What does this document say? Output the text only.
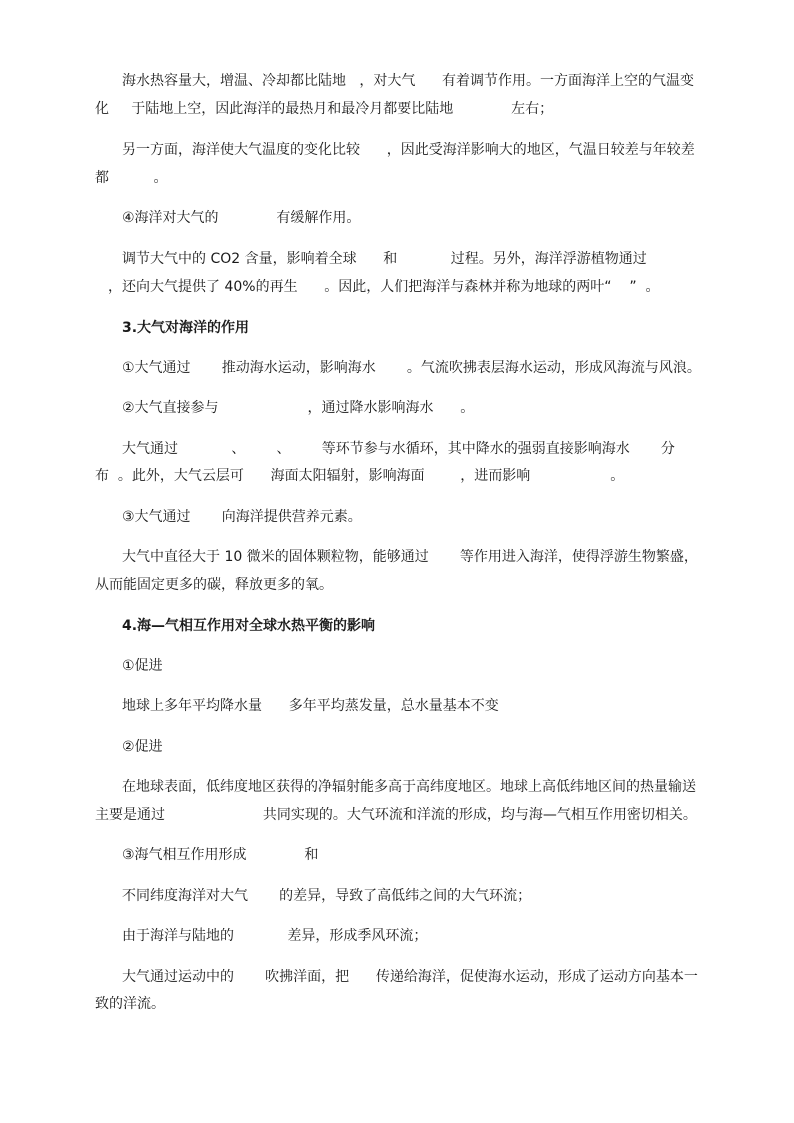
海水热容量大，增温、冷却都比陆地   ，对大气      有着调节作用。一方面海洋上空的气温变

化     于陆地上空，因此海洋的最热月和最冷月都要比陆地             左右；

另一方面，海洋使大气温度的变化比较      ，因此受海洋影响大的地区，气温日较差与年较差

都          。

④海洋对大气的             有缓解作用。

调节大气中的 CO2 含量，影响着全球      和            过程。另外，海洋浮游植物通过

，还向大气提供了 40%的再生      。因此，人们把海洋与森林并称为地球的两叶“    ”  。

3.大气对海洋的作用

①大气通过       推动海水运动，影响海水       。气流吹拂表层海水运动，形成风海流与风浪。

②大气直接参与                    ，通过降水影响海水      。

大气通过            、       、       等环节参与水循环，其中降水的强弱直接影响海水       分

布  。此外，大气云层可      海面太阳辐射，影响海面        ，进而影响                  。

③大气通过       向海洋提供营养元素。

大气中直径大于 10 微米的固体颗粒物，能够通过       等作用进入海洋，使得浮游生物繁盛，

从而能固定更多的碳，释放更多的氧。

4.海—气相互作用对全球水热平衡的影响

①促进

地球上多年平均降水量      多年平均蒸发量，总水量基本不变

②促进

在地球表面，低纬度地区获得的净辐射能多高于高纬度地区。地球上高低纬地区间的热量输送

主要是通过                      共同实现的。大气环流和洋流的形成，均与海—气相互作用密切相关。

③海气相互作用形成             和

不同纬度海洋对大气       的差异，导致了高低纬之间的大气环流；

由于海洋与陆地的            差异，形成季风环流；

大气通过运动中的       吹拂洋面，把      传递给海洋，促使海水运动，形成了运动方向基本一

致的洋流。
